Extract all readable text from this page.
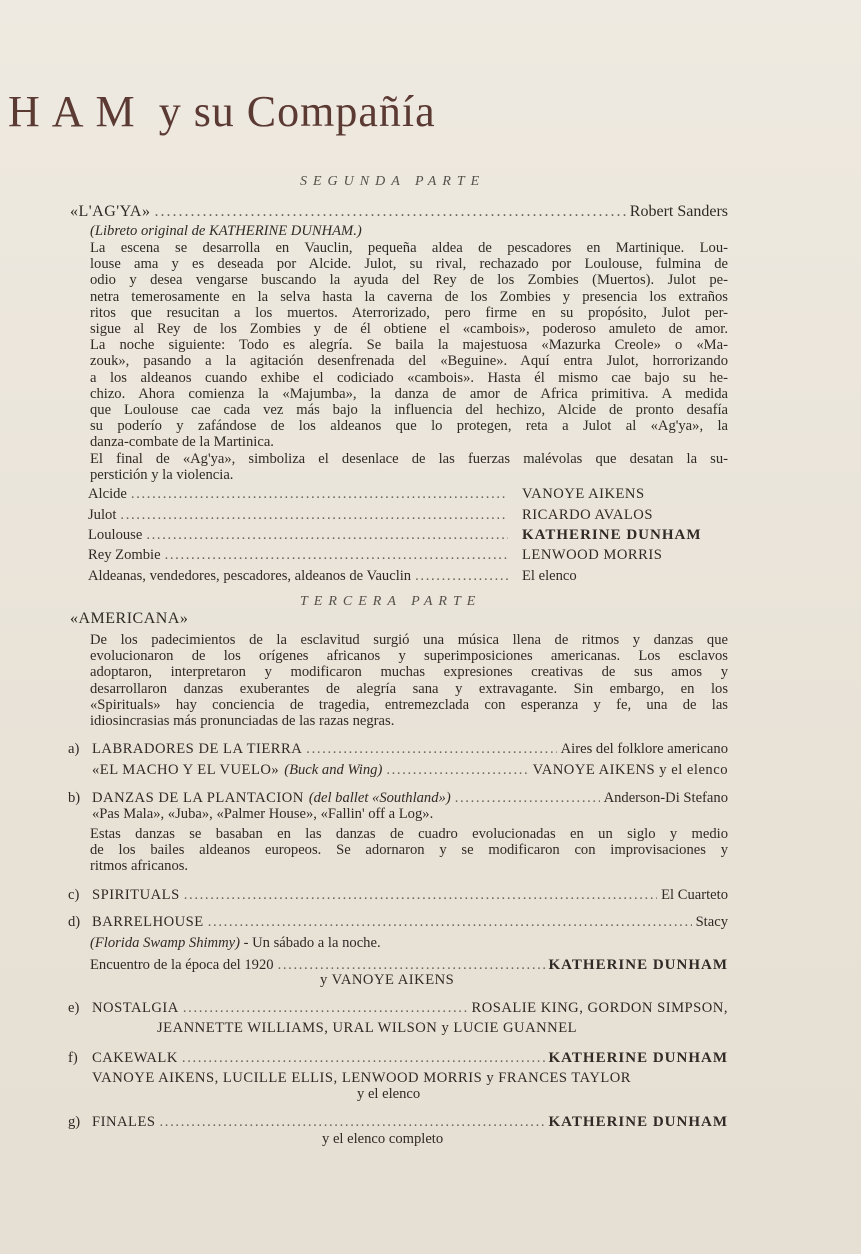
HAM y su Compañía
SEGUNDA PARTE
«L'AG'YA» . . .	Robert Sanders
(Libreto original de KATHERINE DUNHAM.)
La escena se desarrolla en Vauclin, pequeña aldea de pescadores en Martinique. Lou-
louse ama y es deseada por Alcide. Julot, su rival, rechazado por Loulouse, fulmina de
odio y desea vengarse buscando la ayuda del Rey de los Zombies (Muertos). Julot pe-
netra temerosamente en la selva hasta la caverna de los Zombies y presencia los extraños
ritos que resucitan a los muertos. Aterrorizado, pero firme en su propósito, Julot per-
sigue al Rey de los Zombies y de él obtiene el «cambois», poderoso amuleto de amor.
La noche siguiente: Todo es alegría. Se baila la majestuosa «Mazurka Creole» o «Ma-
zouk», pasando a la agitación desenfrenada del «Beguine». Aquí entra Julot, horrorizando
a los aldeanos cuando exhibe el codiciado «cambois». Hasta él mismo cae bajo su he-
chizo. Ahora comienza la «Majumba», la danza de amor de Africa primitiva. A medida
que Loulouse cae cada vez más bajo la influencia del hechizo, Alcide de pronto desafía
su poderío y zafándose de los aldeanos que lo protegen, reta a Julot al «Ag'ya», la
danza-combate de la Martinica.
El final de «Ag'ya», simboliza el desenlace de las fuerzas malévolas que desatan la su-
perstición y la violencia.
Alcide . . .	VANOYE AIKENS
Julot . . .	RICARDO AVALOS
Loulouse . . .	KATHERINE DUNHAM
Rey Zombie . . .	LENWOOD MORRIS
Aldeanas, vendedores, pescadores, aldeanos de Vauclin . . .	El elenco
TERCERA PARTE
«AMERICANA»
De los padecimientos de la esclavitud surgió una música llena de ritmos y danzas que
evolucionaron de los orígenes africanos y superimposiciones americanas. Los esclavos
adoptaron, interpretaron y modificaron muchas expresiones creativas de sus amos y
desarrollaron danzas exuberantes de alegría sana y extravagante. Sin embargo, en los
«Spirituals» hay conciencia de tragedia, entremezclada con esperanza y fe, una de las
idiosincrasias más pronunciadas de las razas negras.
a) LABRADORES DE LA TIERRA . . .	Aires del folklore americano
«EL MACHO Y EL VUELO» (Buck and Wing) . . .	VANOYE AIKENS y el elenco
b) DANZAS DE LA PLANTACION (del ballet «Southland») . . .	Anderson-Di Stefano
«Pas Mala», «Juba», «Palmer House», «Fallin' off a Log».
Estas danzas se basaban en las danzas de cuadro evolucionadas en un siglo y medio
de los bailes aldeanos europeos. Se adornaron y se modificaron con improvisaciones y
ritmos africanos.
c) SPIRITUALS . . .	El Cuarteto
d) BARRELHOUSE . . .	Stacy
(Florida Swamp Shimmy) - Un sábado a la noche.
Encuentro de la época del 1920 . . .	KATHERINE DUNHAM
y VANOYE AIKENS
e) NOSTALGIA . . .	ROSALIE KING, GORDON SIMPSON,
JEANNETTE WILLIAMS, URAL WILSON y LUCIE GUANNEL
f) CAKEWALK . . .	KATHERINE DUNHAM
VANOYE AIKENS, LUCILLE ELLIS, LENWOOD MORRIS y FRANCES TAYLOR
y el elenco
g) FINALES . . .	KATHERINE DUNHAM
y el elenco completo
